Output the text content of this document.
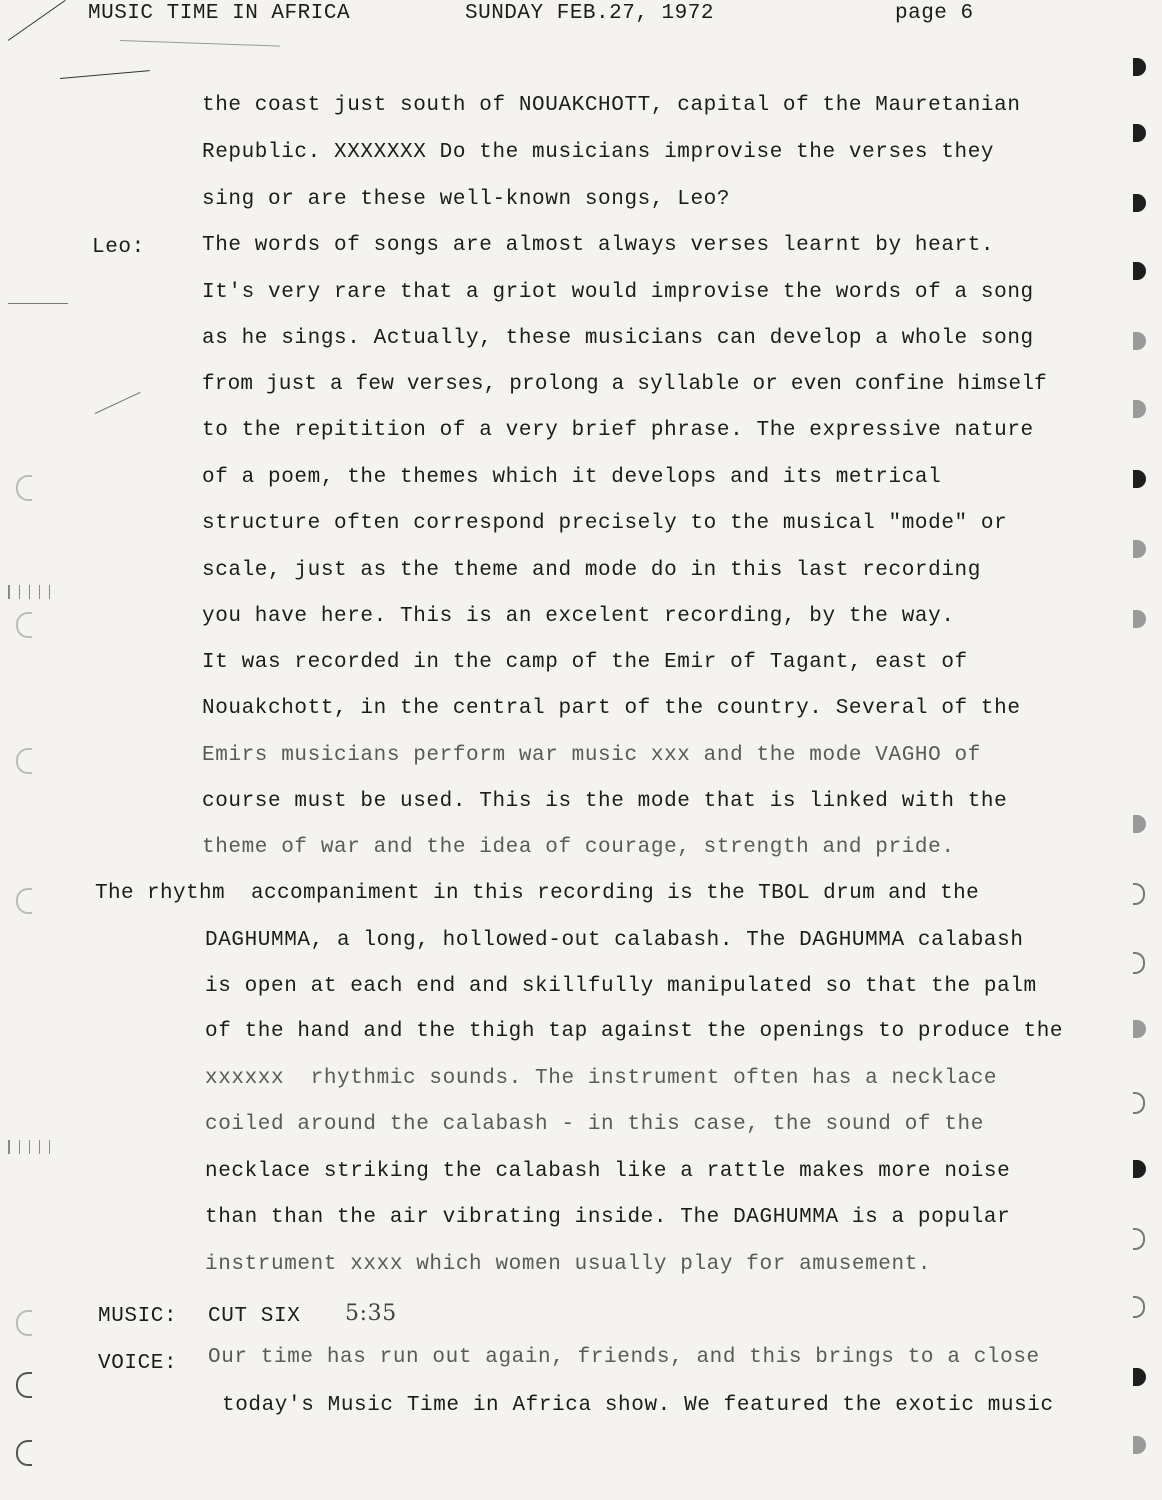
MUSIC TIME IN AFRICA	SUNDAY FEB.27, 1972	page 6
Leo:
MUSIC:
VOICE:
the coast just south of NOUAKCHOTT, capital of the Mauretanian
Republic. XXXXXXX Do the musicians improvise the verses they
sing or are these well-known songs, Leo?
The words of songs are almost always verses learnt by heart.
It's very rare that a griot would improvise the words of a song
as he sings. Actually, these musicians can develop a whole song
from just a few verses, prolong a syllable or even confine himself
to the repitition of a very brief phrase. The expressive nature
of a poem, the themes which it develops and its metrical
structure often correspond precisely to the musical "mode" or
scale, just as the theme and mode do in this last recording
you have here. This is an excelent recording, by the way.
It was recorded in the camp of the Emir of Tagant, east of
Nouakchott, in the central part of the country. Several of the
Emirs musicians perform war music xxx and the mode VAGHO of
course must be used. This is the mode that is linked with the
theme of war and the idea of courage, strength and pride.
The rhythm  accompaniment in this recording is the TBOL drum and the
DAGHUMMA, a long, hollowed-out calabash. The DAGHUMMA calabash
is open at each end and skillfully manipulated so that the palm
of the hand and the thigh tap against the openings to produce the
xxxxxx  rhythmic sounds. The instrument often has a necklace
coiled around the calabash - in this case, the sound of the
necklace striking the calabash like a rattle makes more noise
than than the air vibrating inside. The DAGHUMMA is a popular
instrument xxxx which women usually play for amusement.
CUT SIX 5:35
Our time has run out again, friends, and this brings to a close
today's Music Time in Africa show. We featured the exotic music
